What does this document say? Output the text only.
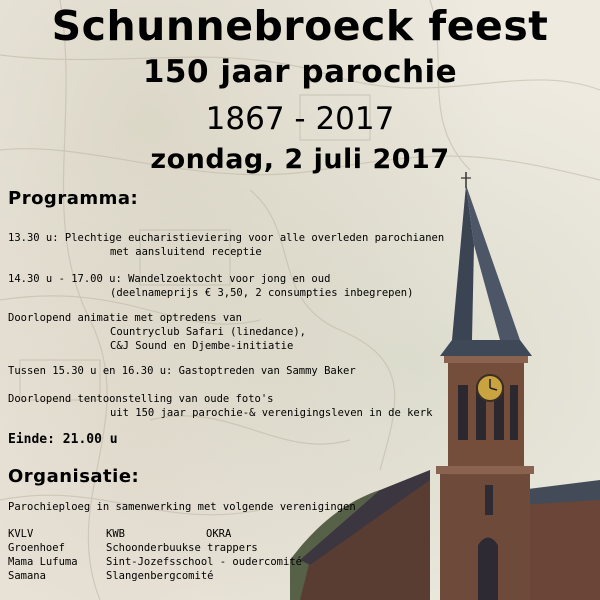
Schunnebroeck feest
150 jaar parochie
1867 - 2017
zondag, 2 juli 2017
Programma:
13.30 u: Plechtige eucharistieviering voor alle overleden parochianen
met aansluitend receptie
14.30 u - 17.00 u: Wandelzoektocht voor jong en oud
(deelnameprijs € 3,50, 2 consumpties inbegrepen)
Doorlopend animatie met optredens van
Countryclub Safari (linedance),
C&J Sound en Djembe-initiatie
Tussen 15.30 u en 16.30 u: Gastoptreden van Sammy Baker
Doorlopend tentoonstelling van oude foto's
uit 150 jaar parochie-& verenigingsleven in de kerk
Einde: 21.00 u
Organisatie:
Parochieploeg in samenwerking met volgende verenigingen
KVLV
Groenhoef
Mama Lufuma
Samana
KWB
Schoonderbuukse trappers
Sint-Jozefsschool - oudercomité
Slangenbergcomité
OKRA
